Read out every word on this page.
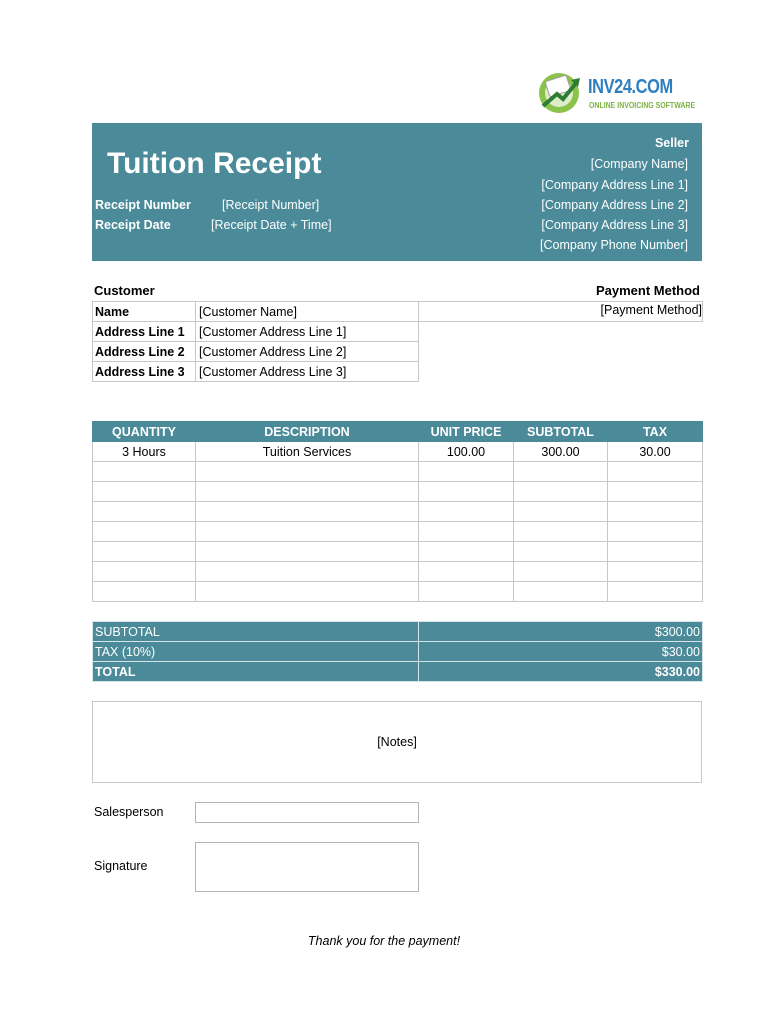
INV24.COM
ONLINE INVOICING SOFTWARE
Tuition Receipt
Receipt Number [Receipt Number]
Receipt Date	[Receipt Date + Time]
Seller
[Company Name]
[Company Address Line 1]
[Company Address Line 2]
[Company Address Line 3]
[Company Phone Number]
Customer	Payment Method
Name	[Customer Name]
Address Line 1	[Customer Address Line 1]
Address Line 2	[Customer Address Line 2]
Address Line 3	[Customer Address Line 3]
[Payment Method]
QUANTITY	DESCRIPTION	UNIT PRICE	SUBTOTAL	TAX
3 Hours	Tuition Services	100.00	300.00	30.00

SUBTOTAL	$300.00
TAX (10%)	$30.00
TOTAL	$330.00
[Notes]
Salesperson
Signature
Thank you for the payment!
